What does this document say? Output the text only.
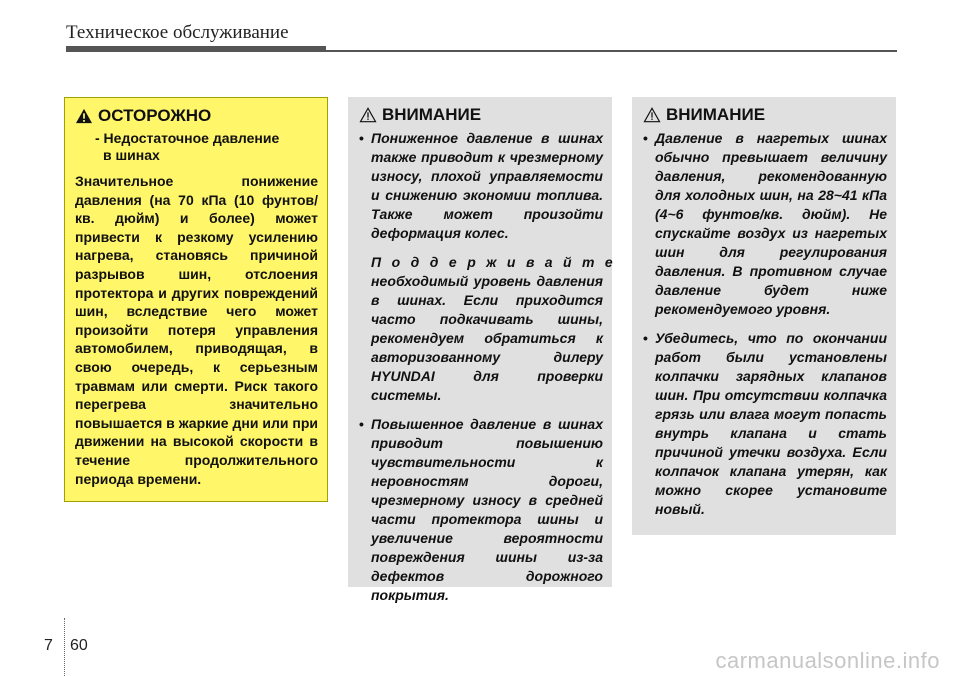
Техническое обслуживание
ОСТОРОЖНО
- Недостаточное давление
в шинах
Значительное понижение давления (на 70 кПа (10 фунтов/кв. дюйм) и более) может привести к резкому усилению нагрева, становясь причиной разрывов шин, отслоения протектора и других повреждений шин, вследствие чего может произойти потеря управления автомобилем, приводящая, в свою очередь, к серьезным травмам или смерти. Риск такого перегрева значительно повышается в жаркие дни или при движении на высокой скорости в течение продолжительного периода времени.
ВНИМАНИЕ
• Пониженное давление в шинах также приводит к чрезмерному износу, плохой управляемости и снижению экономии топлива. Также может произойти деформация колес.
Поддерживайте
необходимый уровень давления в шинах. Если приходится часто подкачивать шины, рекомендуем обратиться к авторизованному дилеру HYUNDAI для проверки системы.
• Повышенное давление в шинах приводит повышению чувствительности к неровностям дороги, чрезмерному износу в средней части протектора шины и увеличение вероятности повреждения шины из-за дефектов дорожного покрытия.
ВНИМАНИЕ
• Давление в нагретых шинах обычно превышает величину давления, рекомендованную для холодных шин, на 28~41 кПа (4~6 фунтов/кв. дюйм). Не спускайте воздух из нагретых шин для регулирования давления. В противном случае давление будет ниже рекомендуемого уровня.
• Убедитесь, что по окончании работ были установлены колпачки зарядных клапанов шин. При отсутствии колпачка грязь или влага могут попасть внутрь клапана и стать причиной утечки воздуха. Если колпачок клапана утерян, как можно скорее установите новый.
7 60
carmanualsonline.info
